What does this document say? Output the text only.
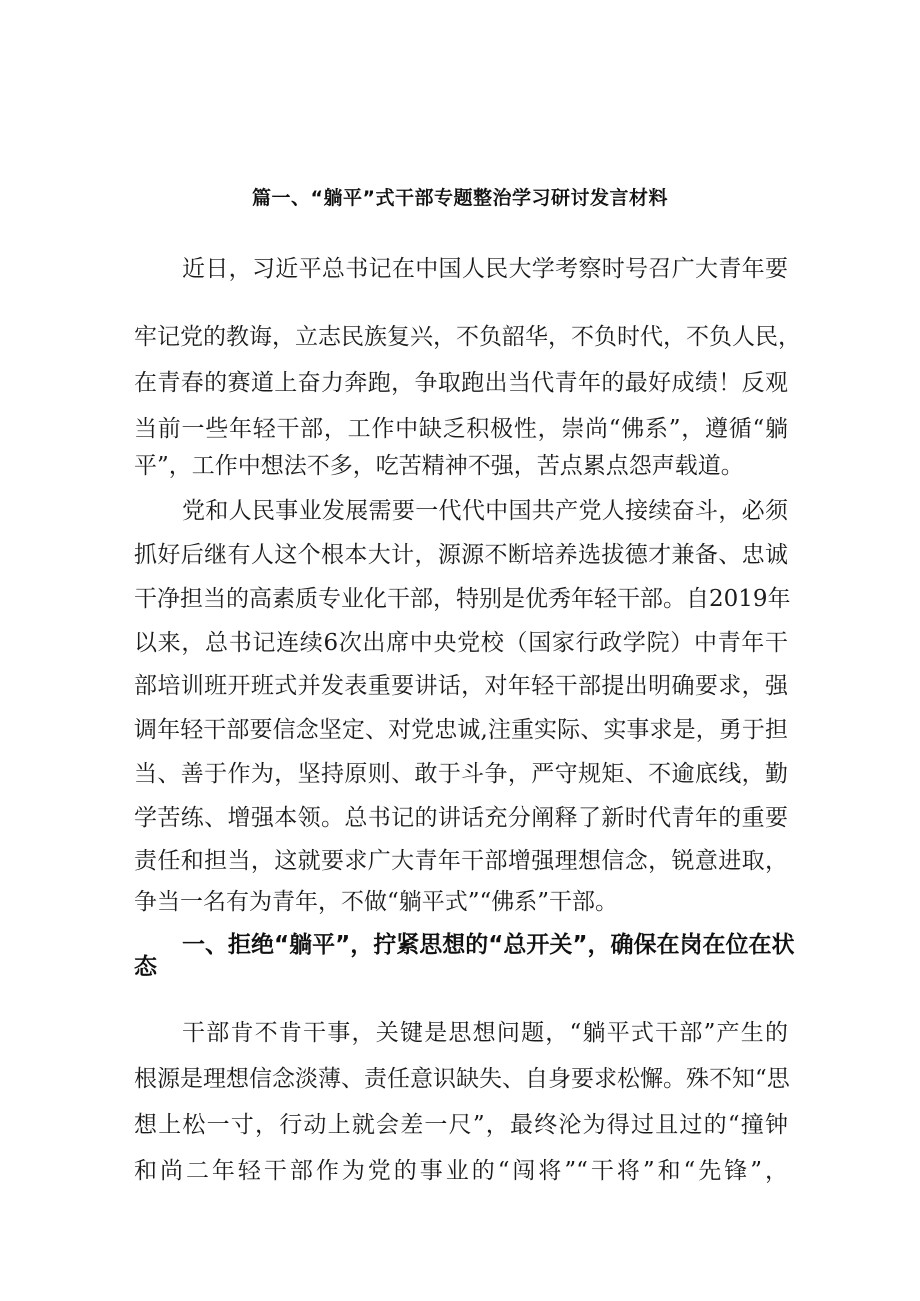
篇一、“躺平”式干部专题整治学习研讨发言材料
近日，习近平总书记在中国人民大学考察时号召广大青年要
牢记党的教诲，立志民族复兴，不负韶华，不负时代，不负人民，
在青春的赛道上奋力奔跑，争取跑出当代青年的最好成绩！反观
当前一些年轻干部，工作中缺乏积极性，崇尚“佛系”，遵循“躺
平”，工作中想法不多，吃苦精神不强，苦点累点怨声载道。
党和人民事业发展需要一代代中国共产党人接续奋斗，必须
抓好后继有人这个根本大计，源源不断培养选拔德才兼备、忠诚
干净担当的高素质专业化干部，特别是优秀年轻干部。自2019年
以来，总书记连续6次出席中央党校（国家行政学院）中青年干
部培训班开班式并发表重要讲话，对年轻干部提出明确要求，强
调年轻干部要信念坚定、对党忠诚,注重实际、实事求是，勇于担
当、善于作为，坚持原则、敢于斗争，严守规矩、不逾底线，勤
学苦练、增强本领。总书记的讲话充分阐释了新时代青年的重要
责任和担当，这就要求广大青年干部增强理想信念，锐意进取，
争当一名有为青年，不做“躺平式”“佛系”干部。
一、拒绝“躺平”，拧紧思想的“总开关”，确保在岗在位在状
态
干部肯不肯干事，关键是思想问题，“躺平式干部”产生的
根源是理想信念淡薄、责任意识缺失、自身要求松懈。殊不知“思
想上松一寸，行动上就会差一尺”，最终沦为得过且过的“撞钟
和尚二年轻干部作为党的事业的“闯将”“干将”和“先锋”，
